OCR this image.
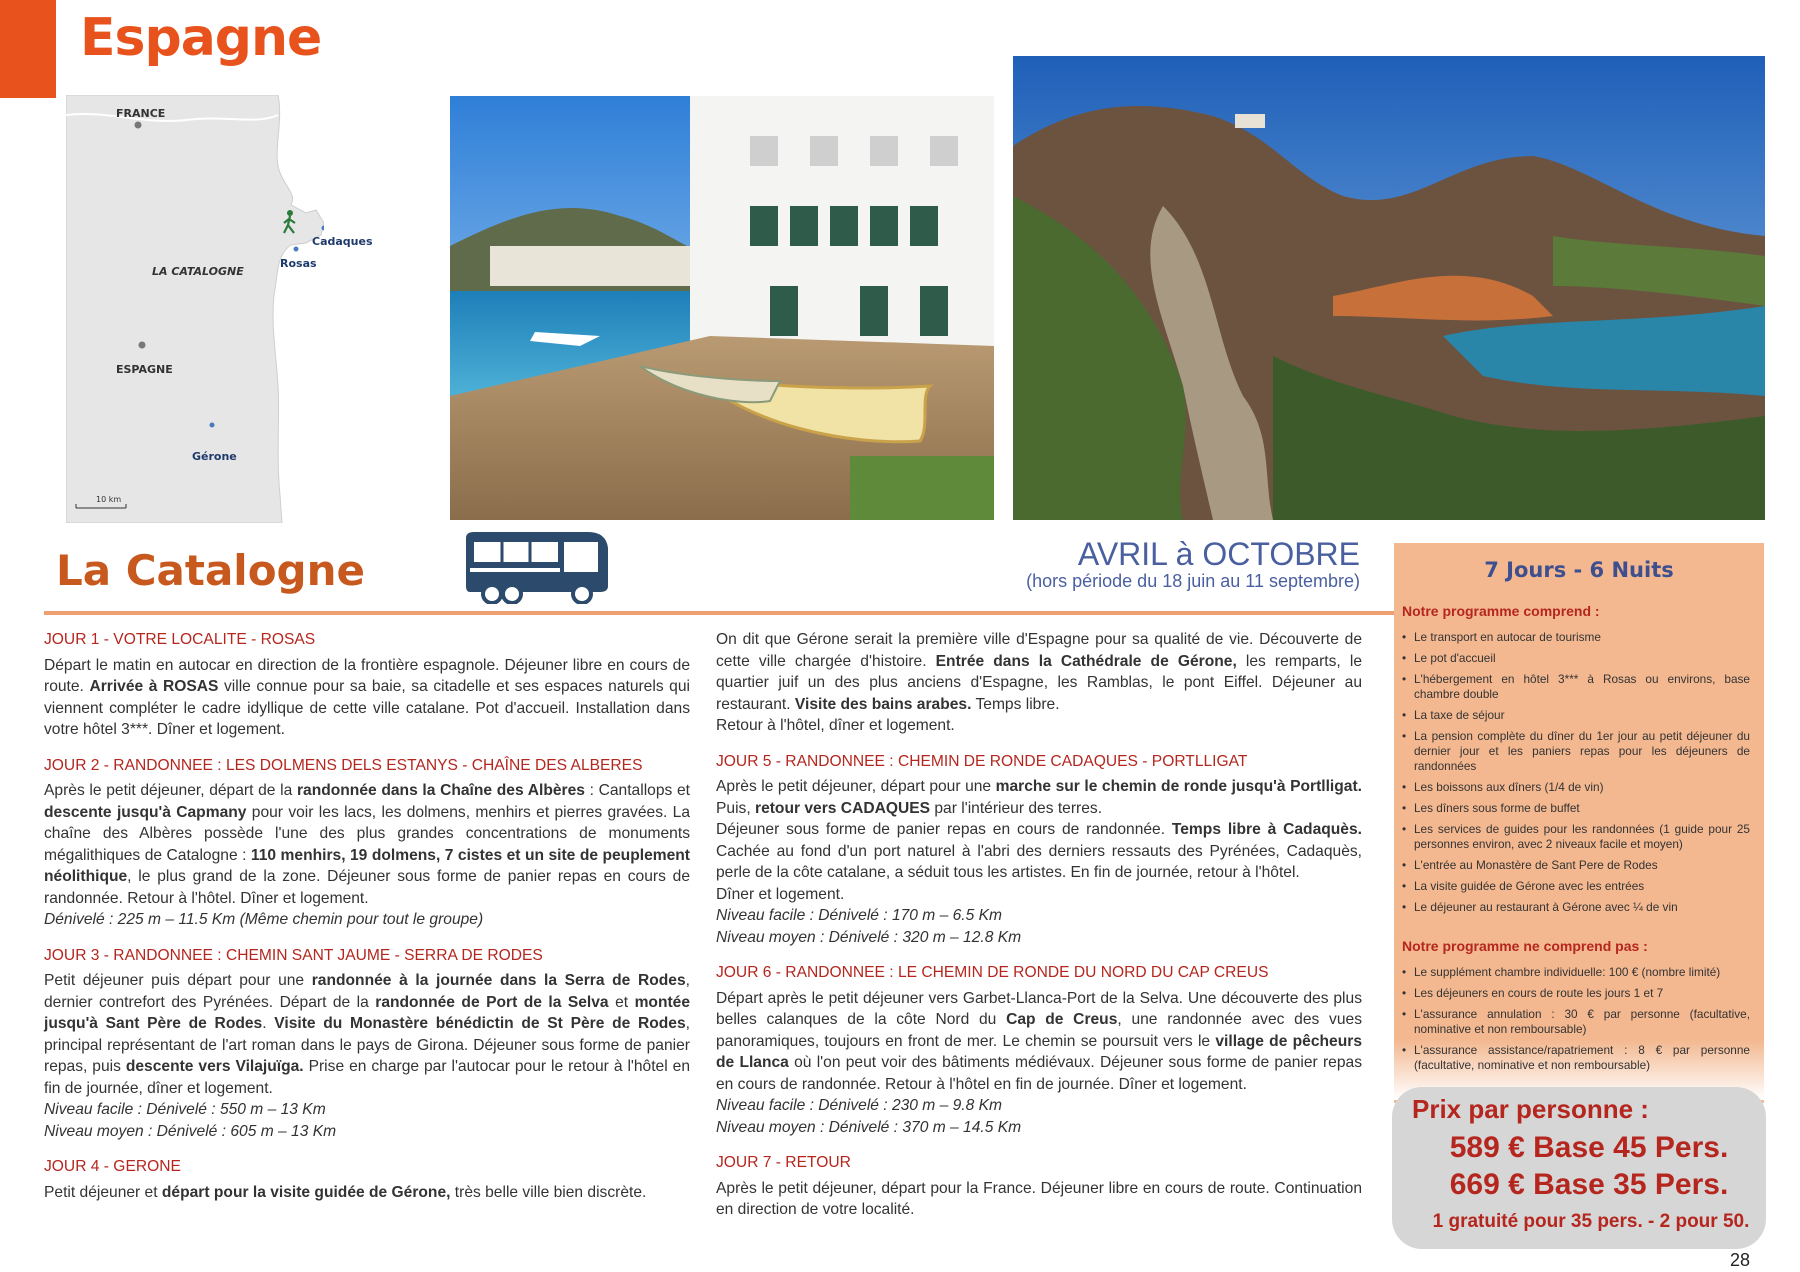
Espagne
FRANCE
LA CATALOGNE
Cadaques
Rosas
ESPAGNE
Gérone
10 km
La Catalogne	AVRIL à OCTOBRE
(hors période du 18 juin au 11 septembre)
JOUR 1 - VOTRE LOCALITE - ROSAS
Départ le matin en autocar en direction de la frontière espagnole. Déjeuner libre en cours de route. Arrivée à ROSAS ville connue pour sa baie, sa citadelle et ses espaces naturels qui viennent compléter le cadre idyllique de cette ville catalane. Pot d'accueil. Installation dans votre hôtel 3***. Dîner et logement.
JOUR 2 - RANDONNEE : LES DOLMENS DELS ESTANYS - CHAÎNE DES ALBERES
Après le petit déjeuner, départ de la randonnée dans la Chaîne des Albères : Cantallops et descente jusqu'à Capmany pour voir les lacs, les dolmens, menhirs et pierres gravées. La chaîne des Albères possède l'une des plus grandes concentrations de monuments mégalithiques de Catalogne : 110 menhirs, 19 dolmens, 7 cistes et un site de peuplement néolithique, le plus grand de la zone. Déjeuner sous forme de panier repas en cours de randonnée. Retour à l'hôtel. Dîner et logement.
Dénivelé : 225 m – 11.5 Km (Même chemin pour tout le groupe)
JOUR 3 - RANDONNEE : CHEMIN SANT JAUME - SERRA DE RODES
Petit déjeuner puis départ pour une randonnée à la journée dans la Serra de Rodes, dernier contrefort des Pyrénées. Départ de la randonnée de Port de la Selva et montée jusqu'à Sant Père de Rodes. Visite du Monastère bénédictin de St Père de Rodes, principal représentant de l'art roman dans le pays de Girona. Déjeuner sous forme de panier repas, puis descente vers Vilajuïga. Prise en charge par l'autocar pour le retour à l'hôtel en fin de journée, dîner et logement.
Niveau facile : Dénivelé : 550 m – 13 Km
Niveau moyen : Dénivelé : 605 m – 13 Km
JOUR 4 - GERONE
Petit déjeuner et départ pour la visite guidée de Gérone, très belle ville bien discrète.
On dit que Gérone serait la première ville d'Espagne pour sa qualité de vie. Découverte de cette ville chargée d'histoire. Entrée dans la Cathédrale de Gérone, les remparts, le quartier juif un des plus anciens d'Espagne, les Ramblas, le pont Eiffel. Déjeuner au restaurant. Visite des bains arabes. Temps libre.
Retour à l'hôtel, dîner et logement.
JOUR 5 - RANDONNEE : CHEMIN DE RONDE CADAQUES - PORTLLIGAT
Après le petit déjeuner, départ pour une marche sur le chemin de ronde jusqu'à Portlligat. Puis, retour vers CADAQUES par l'intérieur des terres.
Déjeuner sous forme de panier repas en cours de randonnée. Temps libre à Cadaquès. Cachée au fond d'un port naturel à l'abri des derniers ressauts des Pyrénées, Cadaquès, perle de la côte catalane, a séduit tous les artistes. En fin de journée, retour à l'hôtel.
Dîner et logement.
Niveau facile : Dénivelé : 170 m – 6.5 Km
Niveau moyen : Dénivelé : 320 m – 12.8 Km
JOUR 6 - RANDONNEE : LE CHEMIN DE RONDE DU NORD DU CAP CREUS
Départ après le petit déjeuner vers Garbet-Llanca-Port de la Selva. Une découverte des plus belles calanques de la côte Nord du Cap de Creus, une randonnée avec des vues panoramiques, toujours en front de mer. Le chemin se poursuit vers le village de pêcheurs de Llanca où l'on peut voir des bâtiments médiévaux. Déjeuner sous forme de panier repas en cours de randonnée. Retour à l'hôtel en fin de journée. Dîner et logement.
Niveau facile : Dénivelé : 230 m – 9.8 Km
Niveau moyen : Dénivelé : 370 m – 14.5 Km
JOUR 7 - RETOUR
Après le petit déjeuner, départ pour la France. Déjeuner libre en cours de route. Continuation en direction de votre localité.
7 Jours - 6 Nuits
Notre programme comprend :
• Le transport en autocar de tourisme
• Le pot d'accueil
• L'hébergement en hôtel 3*** à Rosas ou environs, base chambre double
• La taxe de séjour
• La pension complète du dîner du 1er jour au petit déjeuner du dernier jour et les paniers repas pour les déjeuners de randonnées
• Les boissons aux dîners (1/4 de vin)
• Les dîners sous forme de buffet
• Les services de guides pour les randonnées (1 guide pour 25 personnes environ, avec 2 niveaux facile et moyen)
• L'entrée au Monastère de Sant Pere de Rodes
• La visite guidée de Gérone avec les entrées
• Le déjeuner au restaurant à Gérone avec ¼ de vin
Notre programme ne comprend pas :
• Le supplément chambre individuelle: 100 € (nombre limité)
• Les déjeuners en cours de route les jours 1 et 7
• L'assurance annulation : 30 € par personne (facultative, nominative et non remboursable)
• L'assurance assistance/rapatriement : 8 € par personne (facultative, nominative et non remboursable)
Prix par personne :
589 € Base 45 Pers.
669 € Base 35 Pers.
1 gratuité pour 35 pers. - 2 pour 50.
28
